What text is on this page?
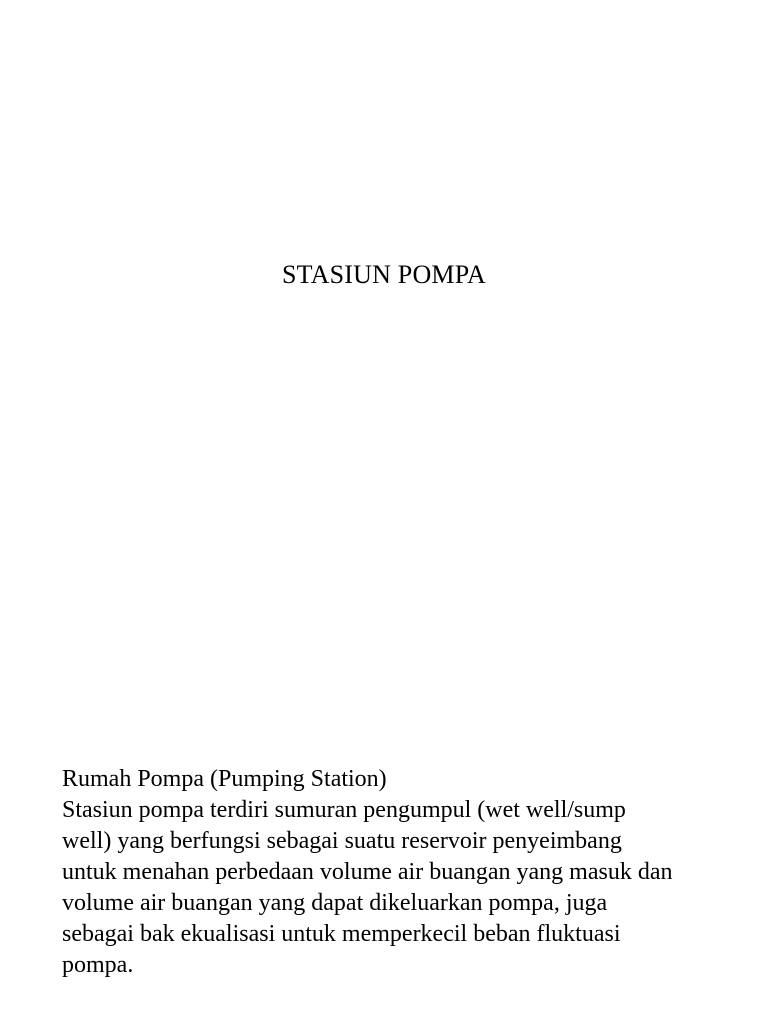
STASIUN POMPA
Rumah Pompa (Pumping Station)
Stasiun pompa terdiri sumuran pengumpul (wet well/sump
well) yang berfungsi sebagai suatu reservoir penyeimbang
untuk menahan perbedaan volume air buangan yang masuk dan
volume air buangan yang dapat dikeluarkan pompa, juga
sebagai bak ekualisasi untuk memperkecil beban fluktuasi
pompa.
